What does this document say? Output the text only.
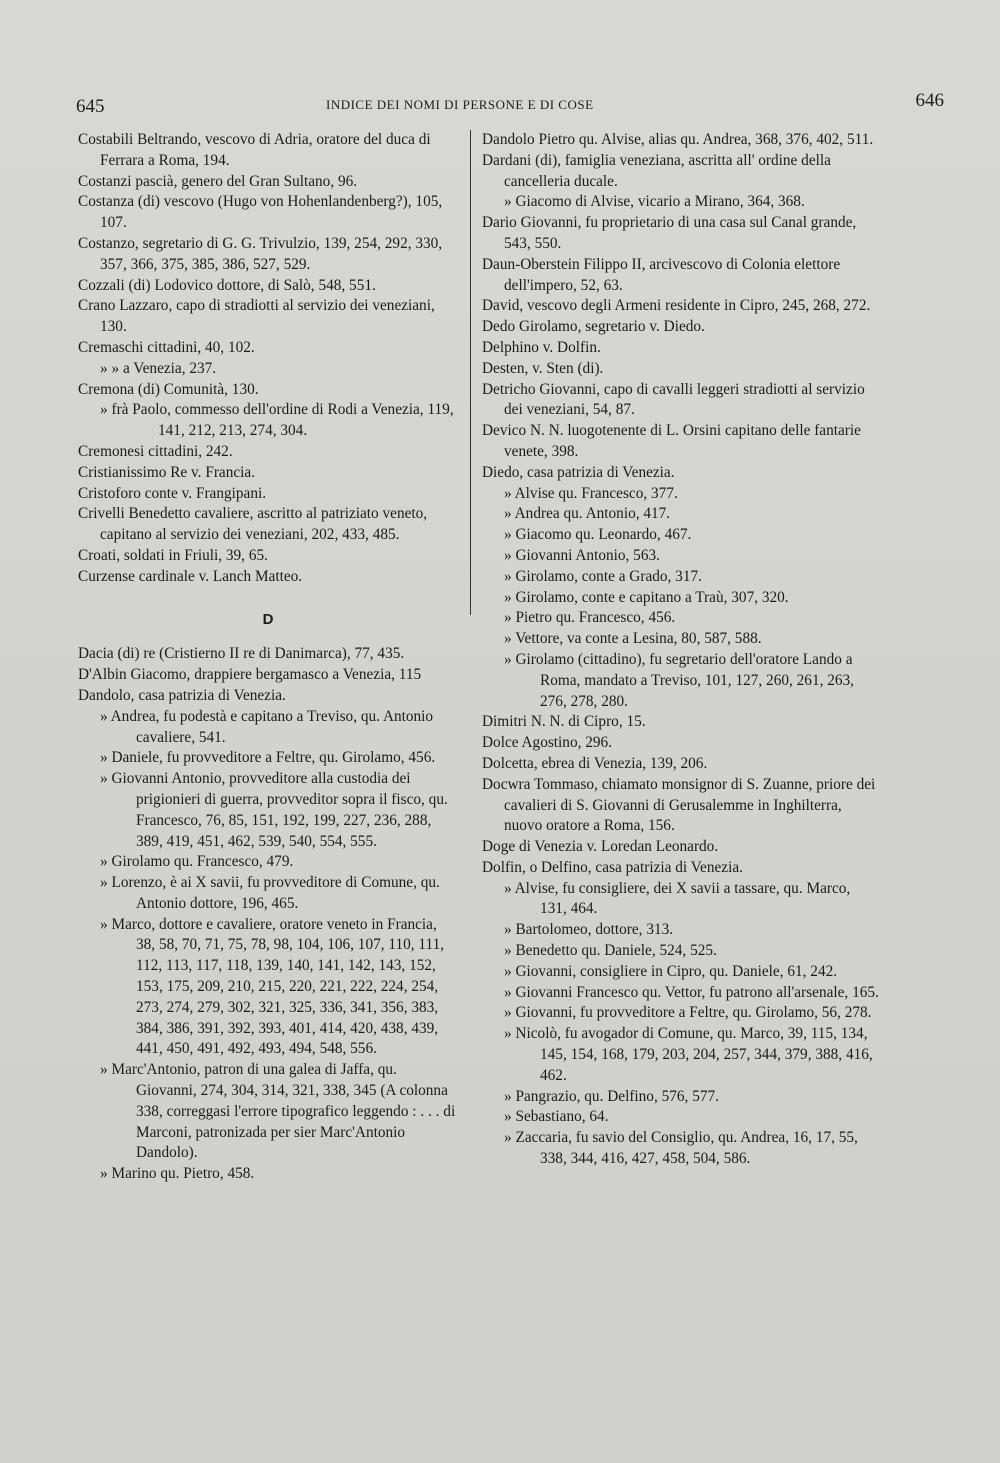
645	INDICE DEI NOMI DI PERSONE E DI COSE	646

Costabili Beltrando, vescovo di Adria, oratore del duca di Ferrara a Roma, 194.

Costanzi pascià, genero del Gran Sultano, 96.

Costanza (di) vescovo (Hugo von Hohenlandenberg?), 105, 107.

Costanzo, segretario di G. G. Trivulzio, 139, 254, 292, 330, 357, 366, 375, 385, 386, 527, 529.

Cozzali (di) Lodovico dottore, di Salò, 548, 551.

Crano Lazzaro, capo di stradiotti al servizio dei veneziani, 130.

Cremaschi cittadini, 40, 102.

» » a Venezia, 237.

Cremona (di) Comunità, 130.

» frà Paolo, commesso dell'ordine di Rodi a Venezia, 119, 141, 212, 213, 274, 304.

Cremonesi cittadini, 242.

Cristianissimo Re v. Francia.

Cristoforo conte v. Frangipani.

Crivelli Benedetto cavaliere, ascritto al patriziato veneto, capitano al servizio dei veneziani, 202, 433, 485.

Croati, soldati in Friuli, 39, 65.

Curzense cardinale v. Lanch Matteo.

D

Dacia (di) re (Cristierno II re di Danimarca), 77, 435.

D'Albin Giacomo, drappiere bergamasco a Venezia, 115

Dandolo, casa patrizia di Venezia.

» Andrea, fu podestà e capitano a Treviso, qu. Antonio cavaliere, 541.

» Daniele, fu provveditore a Feltre, qu. Girolamo, 456.

» Giovanni Antonio, provveditore alla custodia dei prigionieri di guerra, provveditor sopra il fisco, qu. Francesco, 76, 85, 151, 192, 199, 227, 236, 288, 389, 419, 451, 462, 539, 540, 554, 555.

» Girolamo qu. Francesco, 479.

» Lorenzo, è ai X savii, fu provveditore di Comune, qu. Antonio dottore, 196, 465.

» Marco, dottore e cavaliere, oratore veneto in Francia, 38, 58, 70, 71, 75, 78, 98, 104, 106, 107, 110, 111, 112, 113, 117, 118, 139, 140, 141, 142, 143, 152, 153, 175, 209, 210, 215, 220, 221, 222, 224, 254, 273, 274, 279, 302, 321, 325, 336, 341, 356, 383, 384, 386, 391, 392, 393, 401, 414, 420, 438, 439, 441, 450, 491, 492, 493, 494, 548, 556.

» Marc'Antonio, patron di una galea di Jaffa, qu. Giovanni, 274, 304, 314, 321, 338, 345 (A colonna 338, correggasi l'errore tipografico leggendo : . . . di Marconi, patronizada per sier Marc'Antonio Dandolo).

» Marino qu. Pietro, 458.

Dandolo Pietro qu. Alvise, alias qu. Andrea, 368, 376, 402, 511.

Dardani (di), famiglia veneziana, ascritta all' ordine della cancelleria ducale.

» Giacomo di Alvise, vicario a Mirano, 364, 368.

Dario Giovanni, fu proprietario di una casa sul Canal grande, 543, 550.

Daun-Oberstein Filippo II, arcivescovo di Colonia elettore dell'impero, 52, 63.

David, vescovo degli Armeni residente in Cipro, 245, 268, 272.

Dedo Girolamo, segretario v. Diedo.

Delphino v. Dolfin.

Desten, v. Sten (di).

Detricho Giovanni, capo di cavalli leggeri stradiotti al servizio dei veneziani, 54, 87.

Devico N. N. luogotenente di L. Orsini capitano delle fantarie venete, 398.

Diedo, casa patrizia di Venezia.

» Alvise qu. Francesco, 377.

» Andrea qu. Antonio, 417.

» Giacomo qu. Leonardo, 467.

» Giovanni Antonio, 563.

» Girolamo, conte a Grado, 317.

» Girolamo, conte e capitano a Traù, 307, 320.

» Pietro qu. Francesco, 456.

» Vettore, va conte a Lesina, 80, 587, 588.

» Girolamo (cittadino), fu segretario dell'oratore Lando a Roma, mandato a Treviso, 101, 127, 260, 261, 263, 276, 278, 280.

Dimitri N. N. di Cipro, 15.

Dolce Agostino, 296.

Dolcetta, ebrea di Venezia, 139, 206.

Docwra Tommaso, chiamato monsignor di S. Zuanne, priore dei cavalieri di S. Giovanni di Gerusalemme in Inghilterra, nuovo oratore a Roma, 156.

Doge di Venezia v. Loredan Leonardo.

Dolfin, o Delfino, casa patrizia di Venezia.

» Alvise, fu consigliere, dei X savii a tassare, qu. Marco, 131, 464.

» Bartolomeo, dottore, 313.

» Benedetto qu. Daniele, 524, 525.

» Giovanni, consigliere in Cipro, qu. Daniele, 61, 242.

» Giovanni Francesco qu. Vettor, fu patrono all'arsenale, 165.

» Giovanni, fu provveditore a Feltre, qu. Girolamo, 56, 278.

» Nicolò, fu avogador di Comune, qu. Marco, 39, 115, 134, 145, 154, 168, 179, 203, 204, 257, 344, 379, 388, 416, 462.

» Pangrazio, qu. Delfino, 576, 577.

» Sebastiano, 64.

» Zaccaria, fu savio del Consiglio, qu. Andrea, 16, 17, 55, 338, 344, 416, 427, 458, 504, 586.
